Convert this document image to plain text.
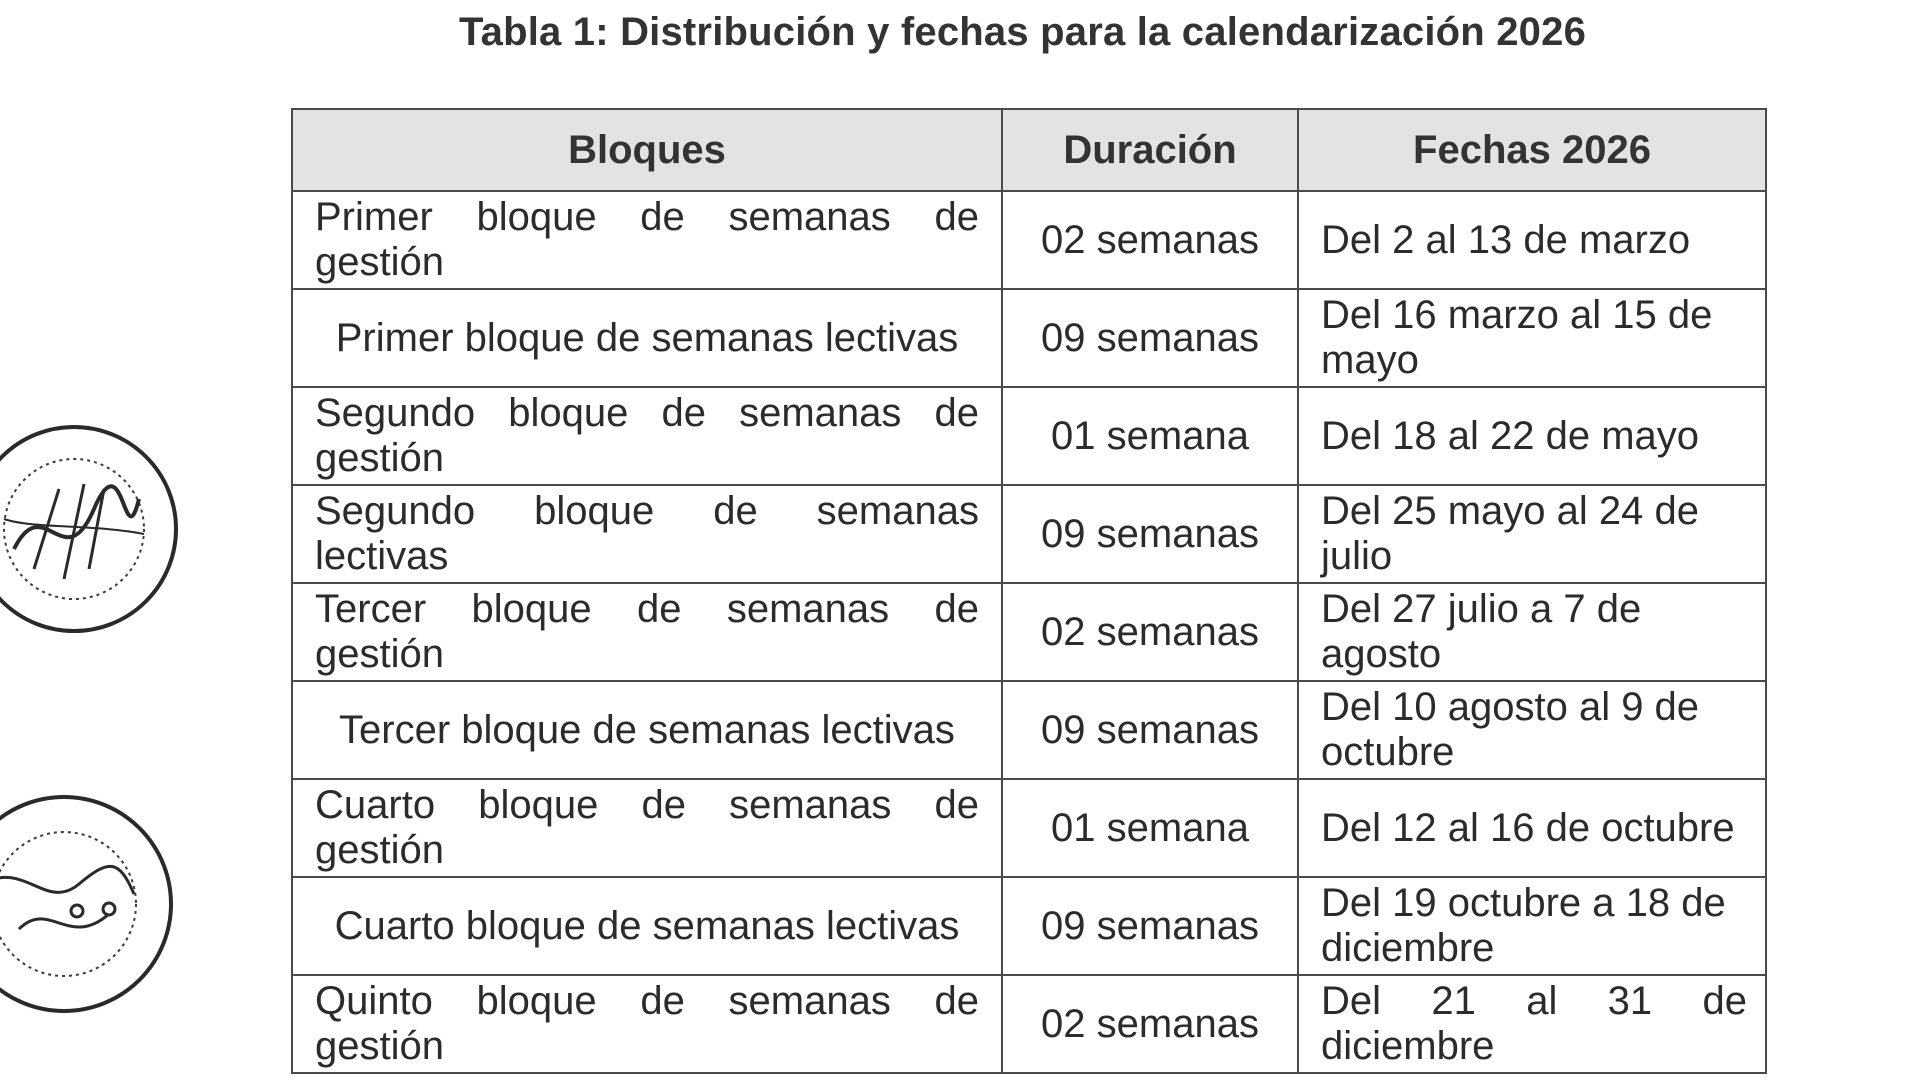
Tabla 1: Distribución y fechas para la calendarización 2026
Bloques	Duración	Fechas 2026
Primer bloque de semanas de gestión	02 semanas	Del 2 al 13 de marzo
Primer bloque de semanas lectivas	09 semanas	Del 16 marzo al 15 de mayo
Segundo bloque de semanas de gestión	01 semana	Del 18 al 22 de mayo
Segundo bloque de semanas lectivas	09 semanas	Del 25 mayo al 24 de julio
Tercer bloque de semanas de gestión	02 semanas	Del 27 julio a 7 de agosto
Tercer bloque de semanas lectivas	09 semanas	Del 10 agosto al 9 de octubre
Cuarto bloque de semanas de gestión	01 semana	Del 12 al 16 de octubre
Cuarto bloque de semanas lectivas	09 semanas	Del 19 octubre a 18 de diciembre
Quinto bloque de semanas de gestión	02 semanas	Del 21 al 31 de diciembre
